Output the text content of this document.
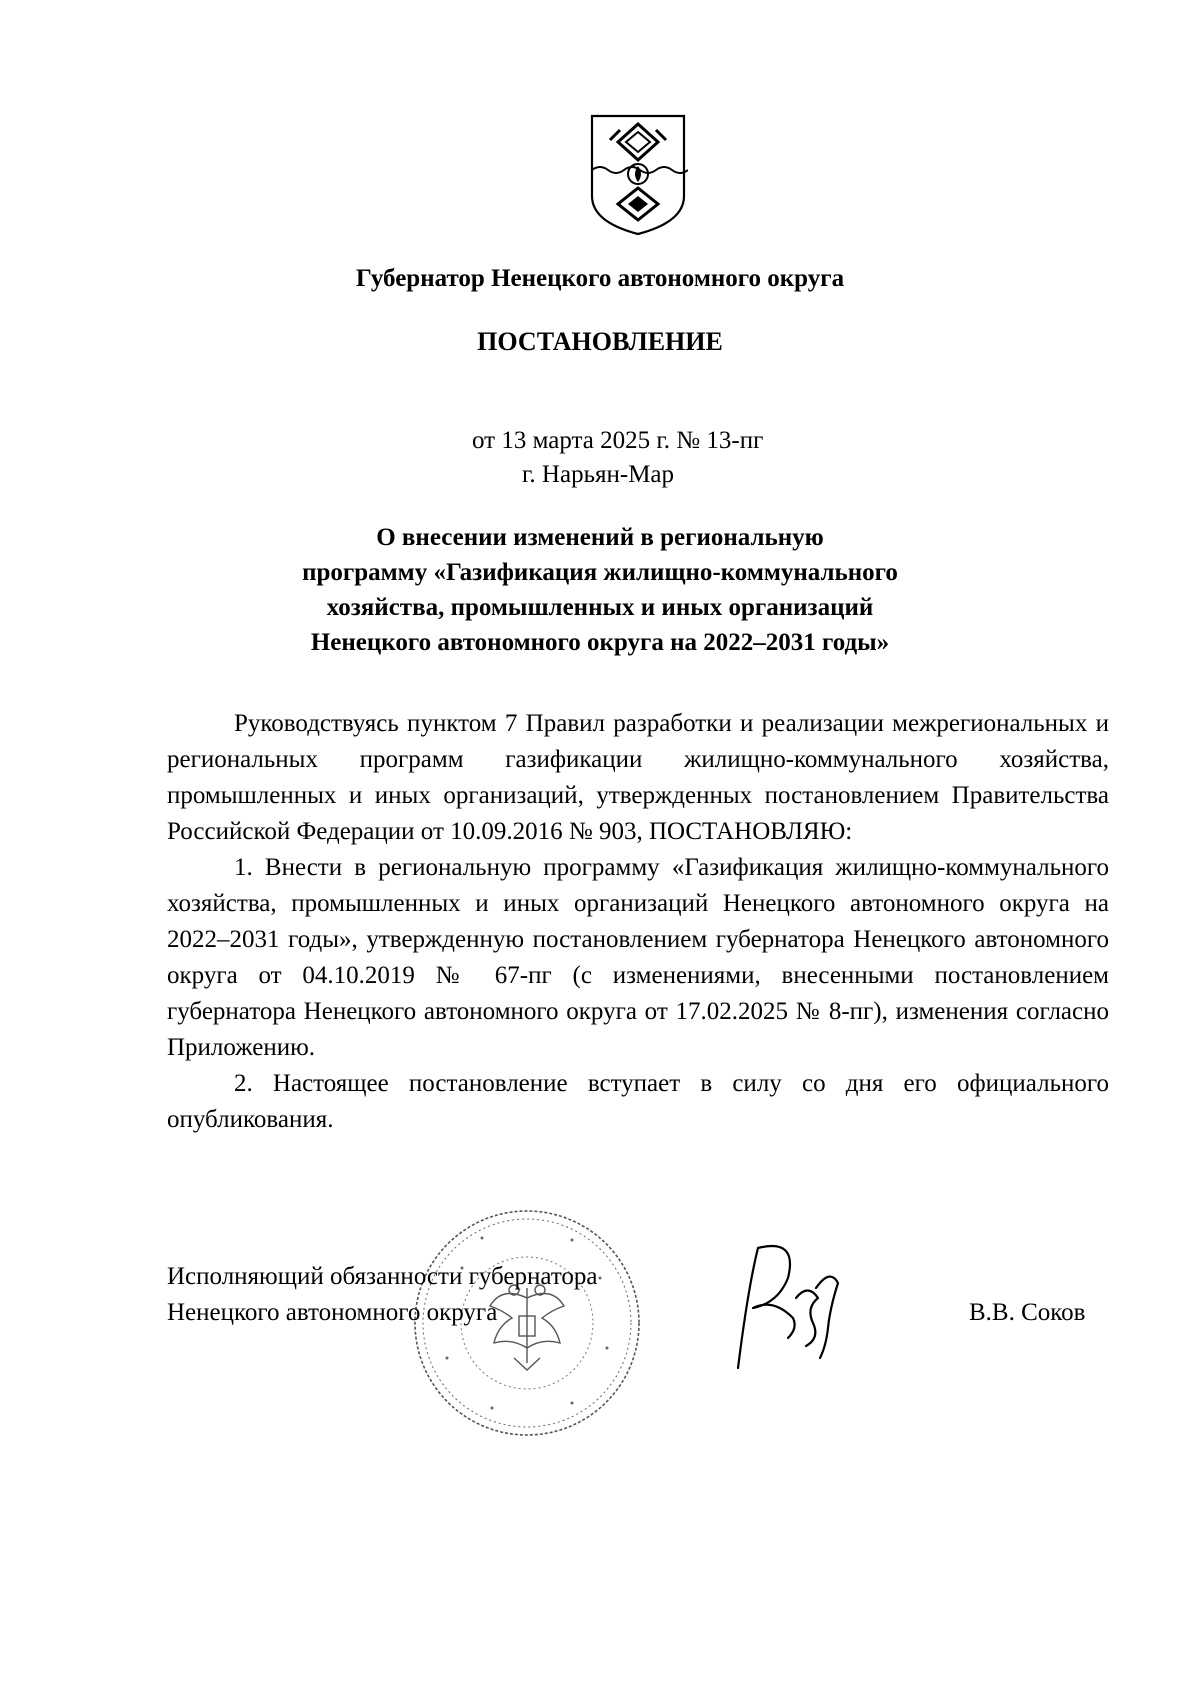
Губернатор Ненецкого автономного округа

ПОСТАНОВЛЕНИЕ

от 13 марта 2025 г. № 13-пг

г. Нарьян-Мар

О внесении изменений в региональную
программу «Газификация жилищно-коммунального
хозяйства, промышленных и иных организаций
Ненецкого автономного округа на 2022–2031 годы»

Руководствуясь пунктом 7 Правил разработки и реализации межрегиональных и региональных программ газификации жилищно-коммунального хозяйства, промышленных и иных организаций, утвержденных постановлением Правительства Российской Федерации от 10.09.2016 № 903, ПОСТАНОВЛЯЮ:

1. Внести в региональную программу «Газификация жилищно-коммунального хозяйства, промышленных и иных организаций Ненецкого автономного округа на 2022–2031 годы», утвержденную постановлением губернатора Ненецкого автономного округа от 04.10.2019 № 67-пг (с изменениями, внесенными постановлением губернатора Ненецкого автономного округа от 17.02.2025 № 8-пг), изменения согласно Приложению.

2. Настоящее постановление вступает в силу со дня его официального опубликования.

Исполняющий обязанности губернатора
Ненецкого автономного округа	В.В. Соков
